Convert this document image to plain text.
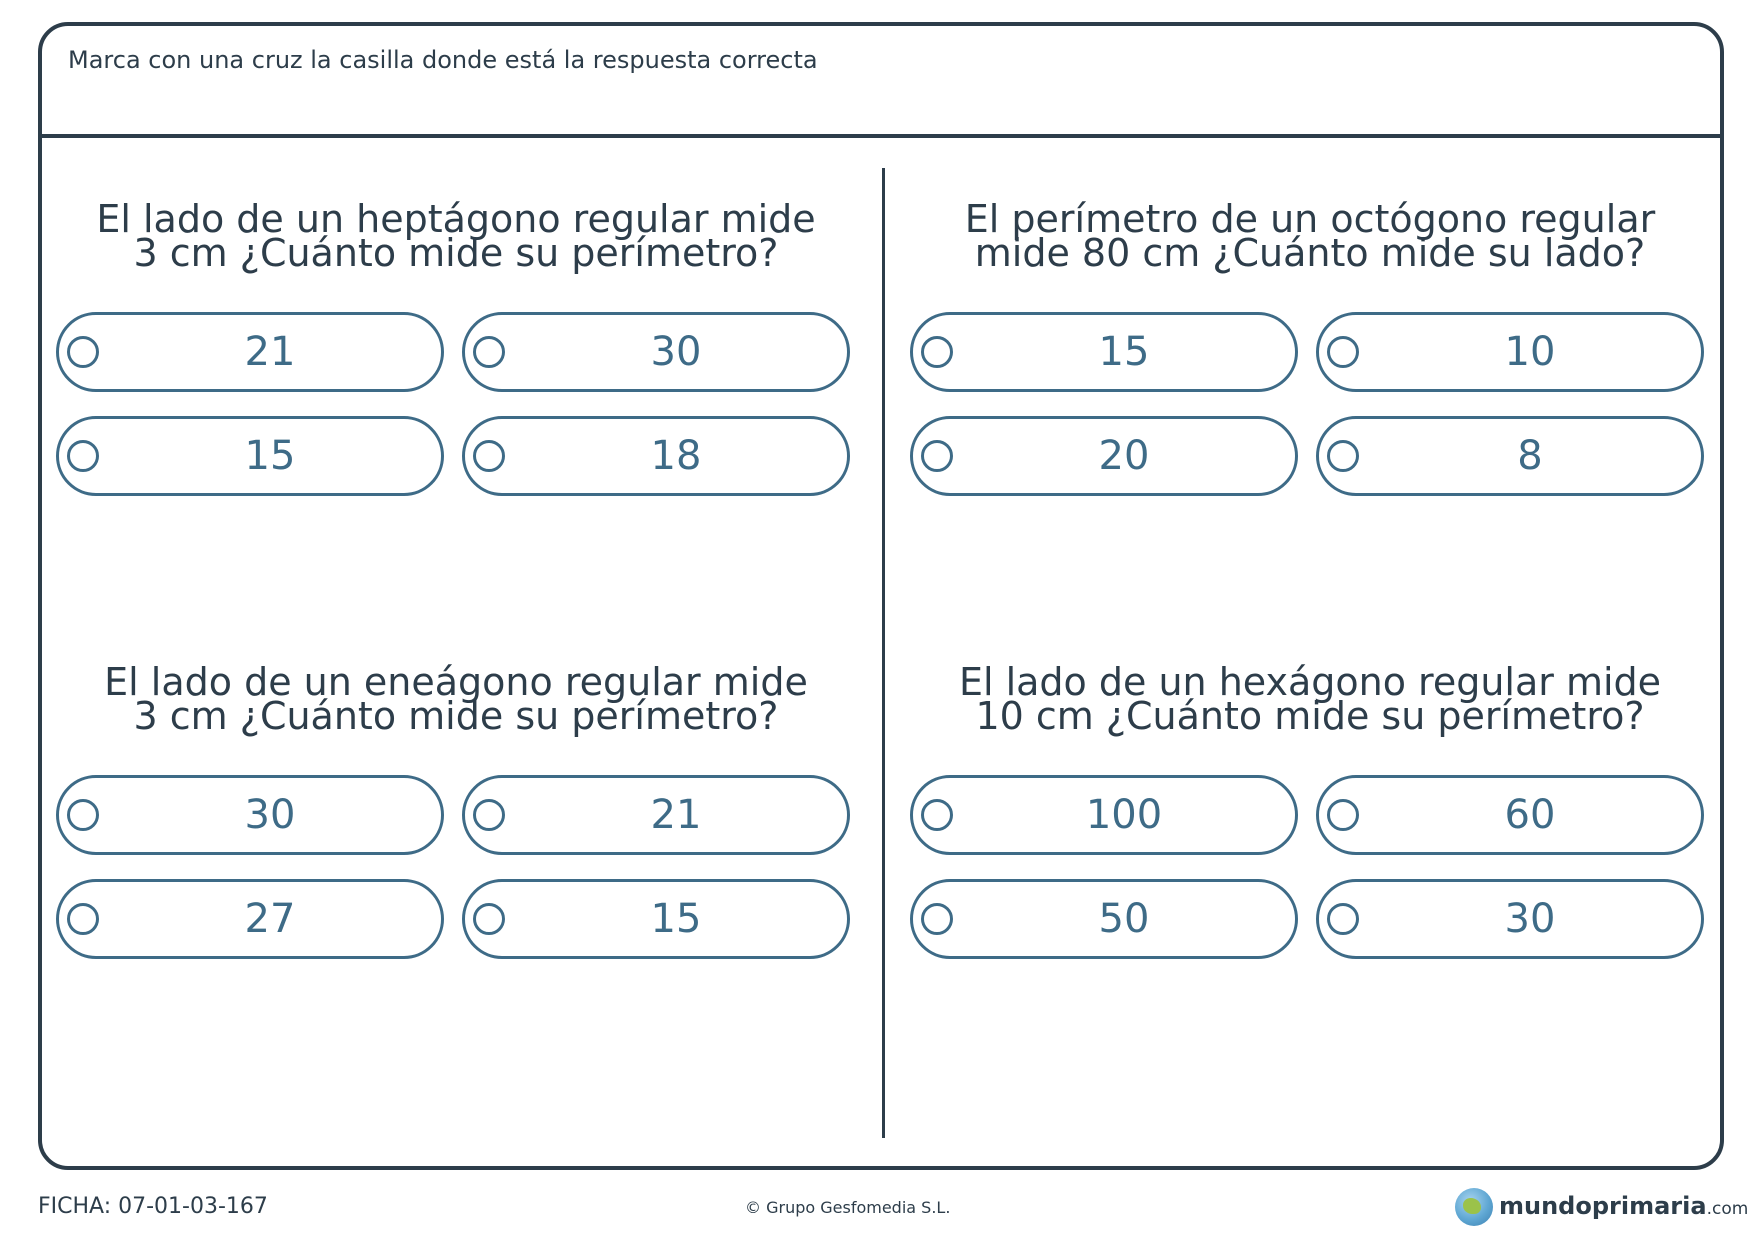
Marca con una cruz la casilla donde está la respuesta correcta
El lado de un heptágono regular mide
3 cm ¿Cuánto mide su perímetro?
21	30
15	18
El perímetro de un octógono regular
mide 80 cm ¿Cuánto mide su lado?
15	10
20	8
El lado de un eneágono regular mide
3 cm ¿Cuánto mide su perímetro?
30	21
27	15
El lado de un hexágono regular mide
10 cm ¿Cuánto mide su perímetro?
100	60
50	30
FICHA: 07-01-03-167	© Grupo Gesfomedia S.L.	mundoprimaria.com
